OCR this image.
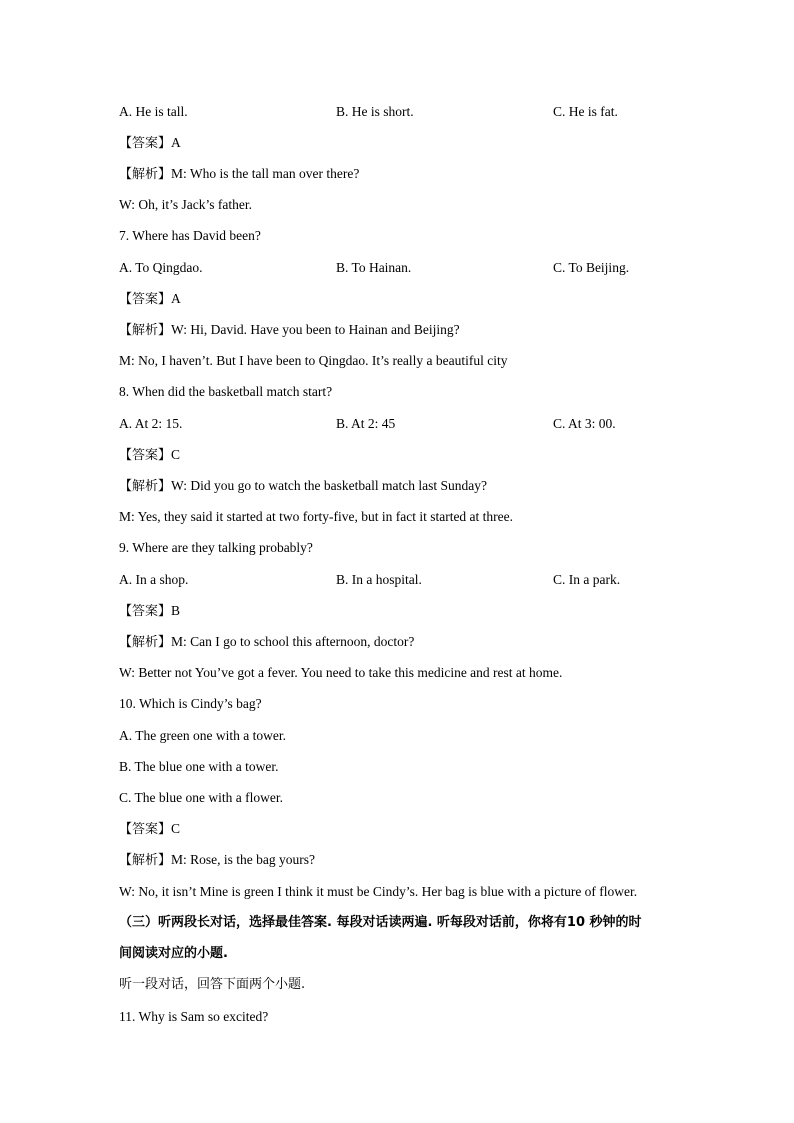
A. He is tall.	B. He is short.	C. He is fat.
【答案】A
【解析】M: Who is the tall man over there?
W: Oh, it’s Jack’s father.
7. Where has David been?
A. To Qingdao.	B. To Hainan.	C. To Beijing.
【答案】A
【解析】W: Hi, David. Have you been to Hainan and Beijing?
M: No, I haven’t. But I have been to Qingdao. It’s really a beautiful city
8. When did the basketball match start?
A. At 2: 15.	B. At 2: 45	C. At 3: 00.
【答案】C
【解析】W: Did you go to watch the basketball match last Sunday?
M: Yes, they said it started at two forty-five, but in fact it started at three.
9. Where are they talking probably?
A. In a shop.	B. In a hospital.	C. In a park.
【答案】B
【解析】M: Can I go to school this afternoon, doctor?
W: Better not You’ve got a fever. You need to take this medicine and rest at home.
10. Which is Cindy’s bag?
A. The green one with a tower.
B. The blue one with a tower.
C. The blue one with a flower.
【答案】C
【解析】M: Rose, is the bag yours?
W: No, it isn’t Mine is green I think it must be Cindy’s. Her bag is blue with a picture of flower.
（三）听两段长对话，选择最佳答案. 每段对话读两遍. 听每段对话前，你将有10 秒钟的时
间阅读对应的小题.
听一段对话，回答下面两个小题.
11. Why is Sam so excited?
